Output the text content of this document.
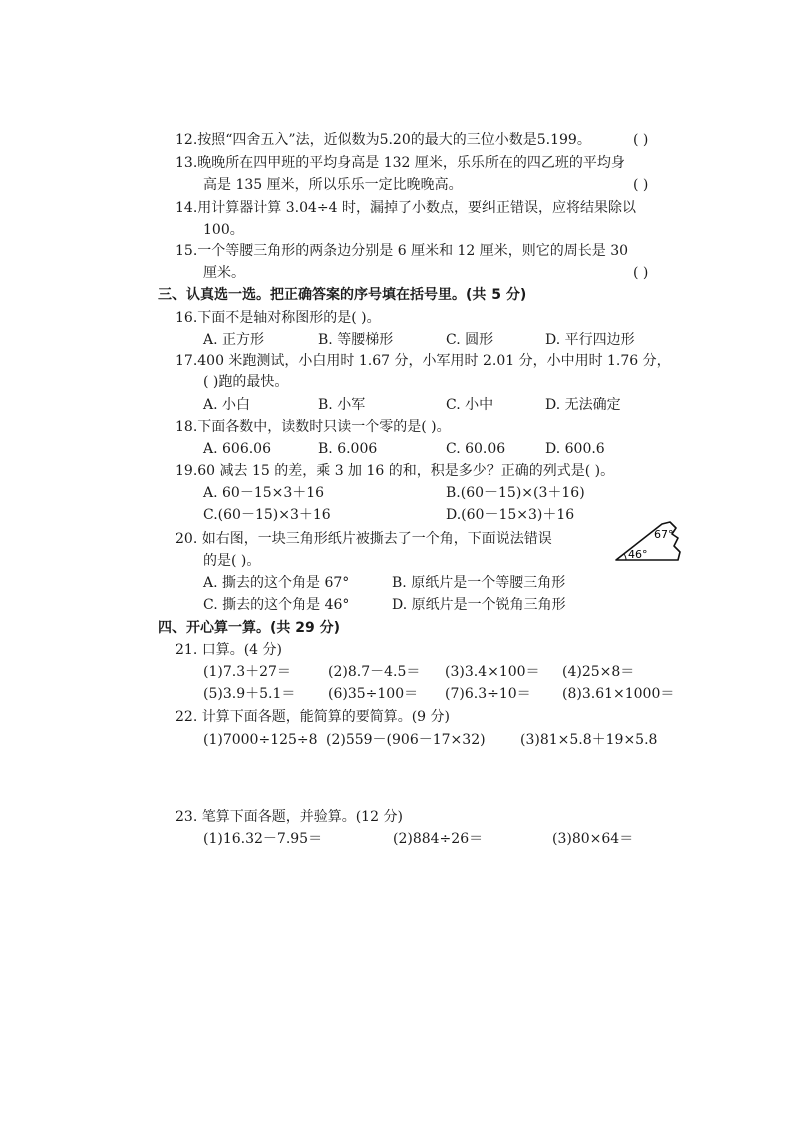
12.按照“四舍五入”法，近似数为5.20的最大的三位小数是5.199。	( )
13.晚晚所在四甲班的平均身高是 132 厘米，乐乐所在的四乙班的平均身
高是 135 厘米，所以乐乐一定比晚晚高。	( )
14.用计算器计算 3.04÷4 时，漏掉了小数点，要纠正错误，应将结果除以
100。
15.一个等腰三角形的两条边分别是 6 厘米和 12 厘米，则它的周长是 30
厘米。	( )
三、认真选一选。把正确答案的序号填在括号里。(共 5 分)
16.下面不是轴对称图形的是( )。
A. 正方形	B. 等腰梯形	C. 圆形	D. 平行四边形
17.400 米跑测试，小白用时 1.67 分，小军用时 2.01 分，小中用时 1.76 分，
( )跑的最快。
A. 小白	B. 小军	C. 小中	D. 无法确定
18.下面各数中，读数时只读一个零的是( )。
A. 606.06	B. 6.006	C. 60.06	D. 600.6
19.60 减去 15 的差，乘 3 加 16 的和，积是多少？正确的列式是( )。
A. 60－15×3＋16	B.(60－15)×(3＋16)
C.(60－15)×3＋16	D.(60－15×3)＋16
20. 如右图，一块三角形纸片被撕去了一个角，下面说法错误
的是( )。
A. 撕去的这个角是 67°	B. 原纸片是一个等腰三角形
C. 撕去的这个角是 46°	D. 原纸片是一个锐角三角形
46°
67°
四、开心算一算。(共 29 分)
21. 口算。(4 分)
(1)7.3＋27＝	(2)8.7－4.5＝ (3)3.4×100＝ (4)25×8＝
(5)3.9＋5.1＝ (6)35÷100＝ (7)6.3÷10＝ (8)3.61×1000＝
22. 计算下面各题，能简算的要简算。(9 分)
(1)7000÷125÷8 (2)559－(906－17×32) (3)81×5.8＋19×5.8
23. 笔算下面各题，并验算。(12 分)
(1)16.32－7.95＝	(2)884÷26＝	(3)80×64＝
